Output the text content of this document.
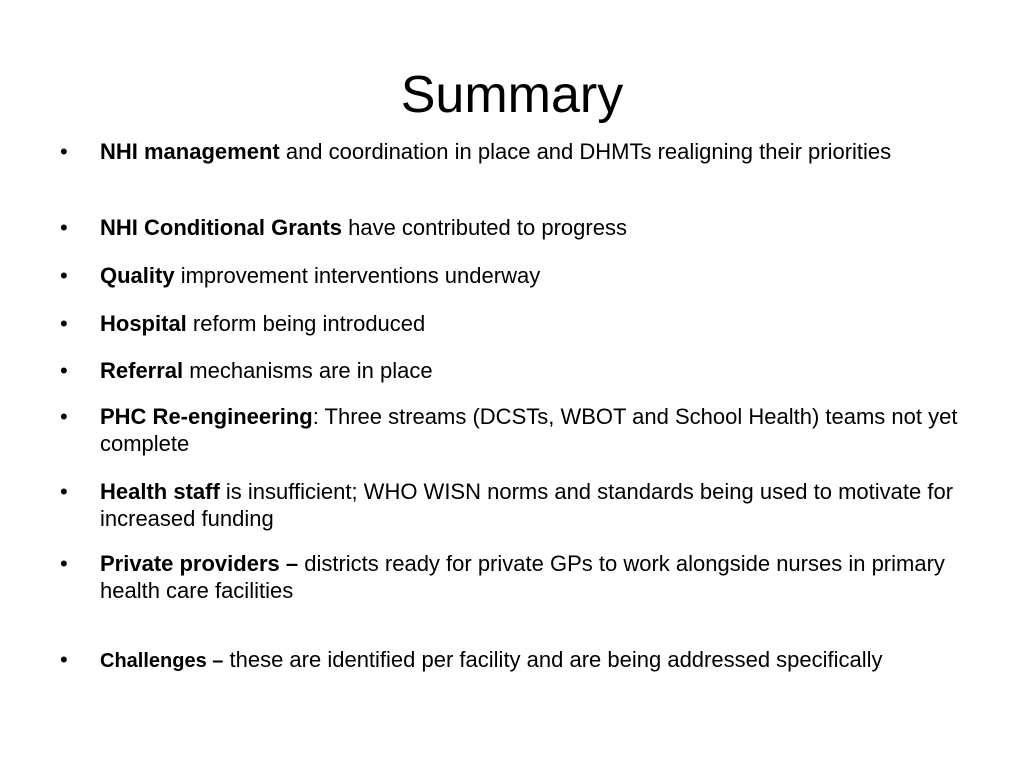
Summary
•	NHI management and coordination in place and DHMTs realigning their priorities
•	NHI Conditional Grants have contributed to progress
•	Quality improvement interventions underway
•	Hospital reform being introduced
•	Referral mechanisms are in place
•	PHC Re-engineering: Three streams (DCSTs, WBOT and School Health) teams not yet complete
•	Health staff is insufficient; WHO WISN norms and standards being used to motivate for increased funding
•	Private providers – districts ready for private GPs to work alongside nurses in primary health care facilities
•	Challenges – these are identified per facility and are being addressed specifically
